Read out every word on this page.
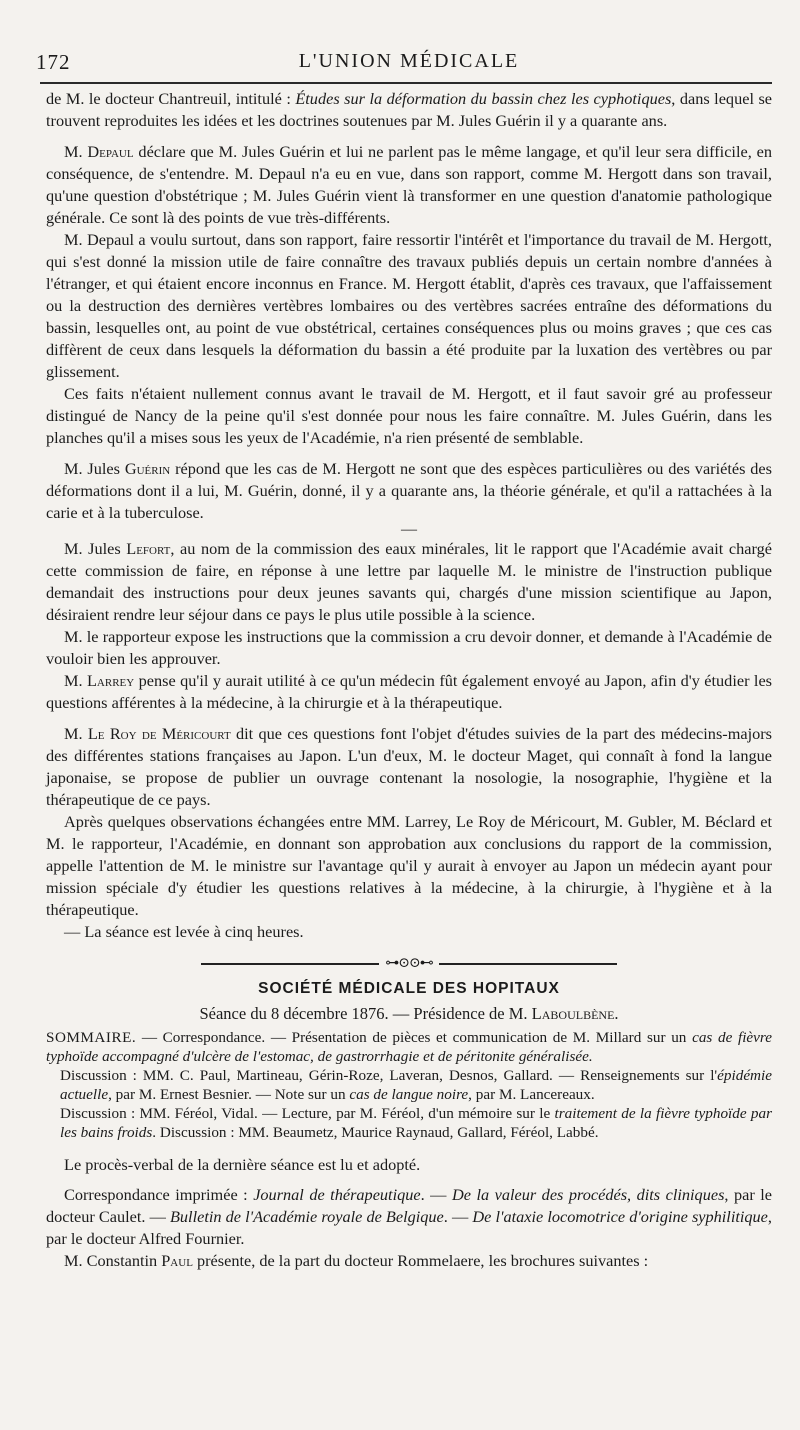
172	L'UNION MÉDICALE

de M. le docteur Chantreuil, intitulé : Études sur la déformation du bassin chez les cyphotiques, dans lequel se trouvent reproduites les idées et les doctrines soutenues par M. Jules Guérin il y a quarante ans.

M. Depaul déclare que M. Jules Guérin et lui ne parlent pas le même langage, et qu'il leur sera difficile, en conséquence, de s'entendre. M. Depaul n'a eu en vue, dans son rapport, comme M. Hergott dans son travail, qu'une question d'obstétrique ; M. Jules Guérin vient là transformer en une question d'anatomie pathologique générale. Ce sont là des points de vue très-différents.

M. Depaul a voulu surtout, dans son rapport, faire ressortir l'intérêt et l'importance du travail de M. Hergott, qui s'est donné la mission utile de faire connaître des travaux publiés depuis un certain nombre d'années à l'étranger, et qui étaient encore inconnus en France. M. Hergott établit, d'après ces travaux, que l'affaissement ou la destruction des dernières vertèbres lombaires ou des vertèbres sacrées entraîne des déformations du bassin, lesquelles ont, au point de vue obstétrical, certaines conséquences plus ou moins graves ; que ces cas diffèrent de ceux dans lesquels la déformation du bassin a été produite par la luxation des vertèbres ou par glissement.

Ces faits n'étaient nullement connus avant le travail de M. Hergott, et il faut savoir gré au professeur distingué de Nancy de la peine qu'il s'est donnée pour nous les faire connaître. M. Jules Guérin, dans les planches qu'il a mises sous les yeux de l'Académie, n'a rien présenté de semblable.

M. Jules Guérin répond que les cas de M. Hergott ne sont que des espèces particulières ou des variétés des déformations dont il a lui, M. Guérin, donné, il y a quarante ans, la théorie générale, et qu'il a rattachées à la carie et à la tuberculose.

—

M. Jules Lefort, au nom de la commission des eaux minérales, lit le rapport que l'Académie avait chargé cette commission de faire, en réponse à une lettre par laquelle M. le ministre de l'instruction publique demandait des instructions pour deux jeunes savants qui, chargés d'une mission scientifique au Japon, désiraient rendre leur séjour dans ce pays le plus utile possible à la science.

M. le rapporteur expose les instructions que la commission a cru devoir donner, et demande à l'Académie de vouloir bien les approuver.

M. Larrey pense qu'il y aurait utilité à ce qu'un médecin fût également envoyé au Japon, afin d'y étudier les questions afférentes à la médecine, à la chirurgie et à la thérapeutique.

M. Le Roy de Méricourt dit que ces questions font l'objet d'études suivies de la part des médecins-majors des différentes stations françaises au Japon. L'un d'eux, M. le docteur Maget, qui connaît à fond la langue japonaise, se propose de publier un ouvrage contenant la nosologie, la nosographie, l'hygiène et la thérapeutique de ce pays.

Après quelques observations échangées entre MM. Larrey, Le Roy de Méricourt, M. Gubler, M. Béclard et M. le rapporteur, l'Académie, en donnant son approbation aux conclusions du rapport de la commission, appelle l'attention de M. le ministre sur l'avantage qu'il y aurait à envoyer au Japon un médecin ayant pour mission spéciale d'y étudier les questions relatives à la médecine, à la chirurgie, à l'hygiène et à la thérapeutique.

— La séance est levée à cinq heures.

⊶⊙⊙⊷
SOCIÉTÉ MÉDICALE DES HOPITAUX
Séance du 8 décembre 1876. — Présidence de M. Laboulbène.

SOMMAIRE. — Correspondance. — Présentation de pièces et communication de M. Millard sur un cas de fièvre typhoïde accompagné d'ulcère de l'estomac, de gastrorrhagie et de péritonite généralisée.

Discussion : MM. C. Paul, Martineau, Gérin-Roze, Laveran, Desnos, Gallard. — Renseignements sur l'épidémie actuelle, par M. Ernest Besnier. — Note sur un cas de langue noire, par M. Lancereaux.

Discussion : MM. Féréol, Vidal. — Lecture, par M. Féréol, d'un mémoire sur le traitement de la fièvre typhoïde par les bains froids. Discussion : MM. Beaumetz, Maurice Raynaud, Gallard, Féréol, Labbé.

Le procès-verbal de la dernière séance est lu et adopté.

Correspondance imprimée : Journal de thérapeutique. — De la valeur des procédés, dits cliniques, par le docteur Caulet. — Bulletin de l'Académie royale de Belgique. — De l'ataxie locomotrice d'origine syphilitique, par le docteur Alfred Fournier.

M. Constantin Paul présente, de la part du docteur Rommelaere, les brochures suivantes :
